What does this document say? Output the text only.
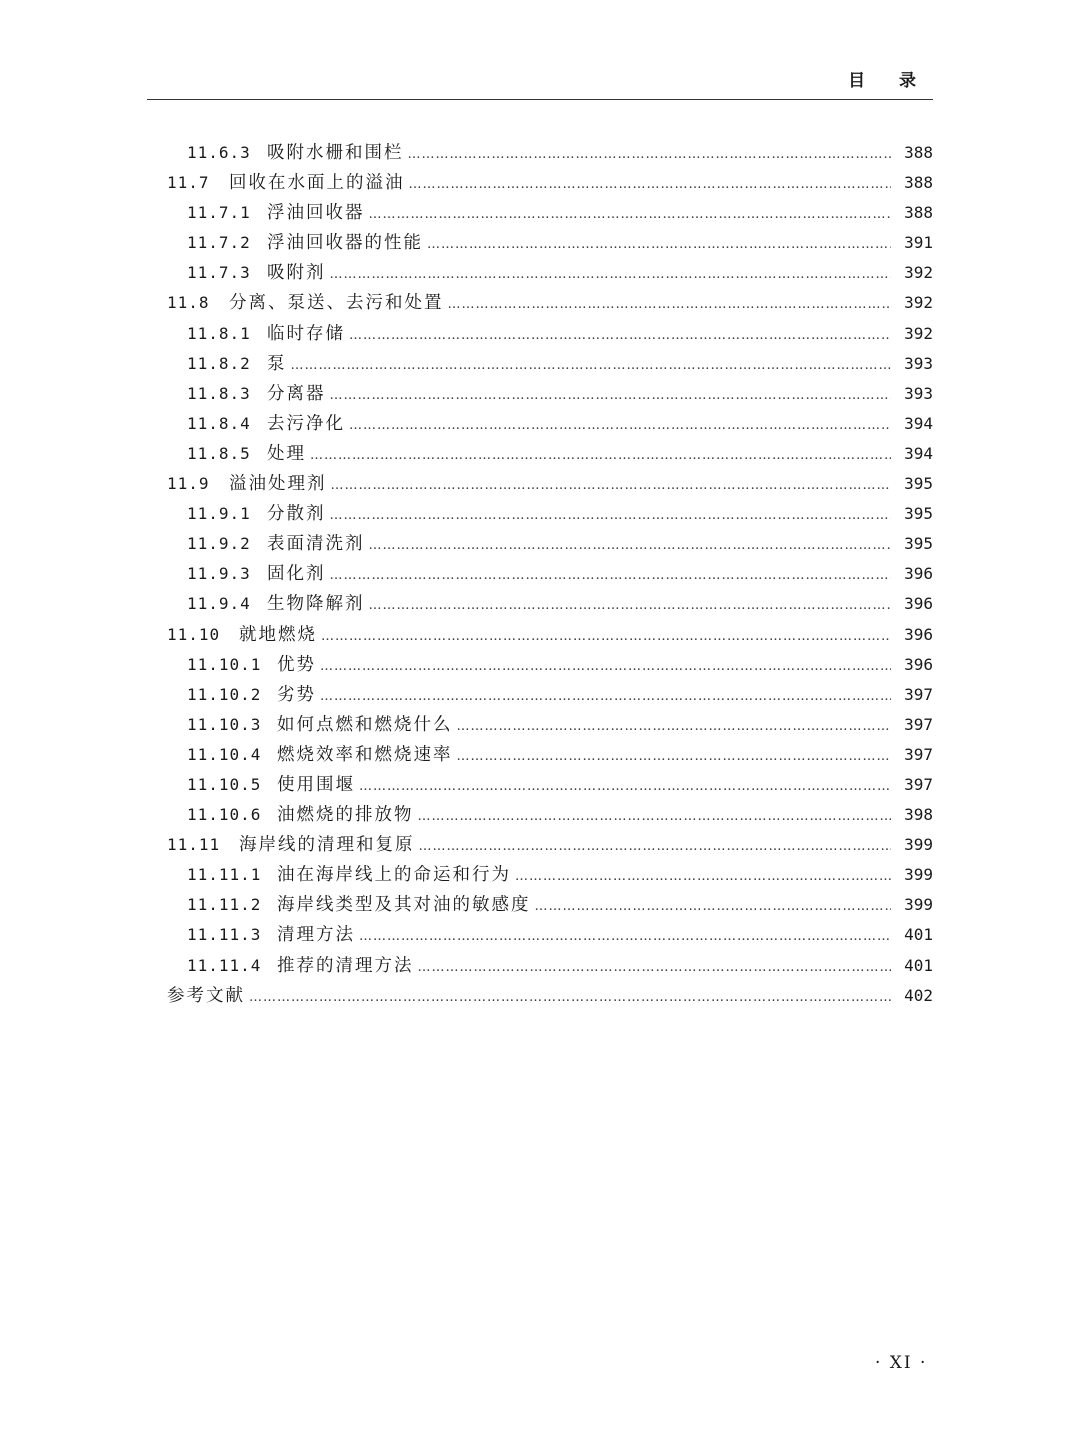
目 录
11.6.3 吸附水栅和围栏 ……………………………………………………………………………………………………………………………………………………………………………………………………………………	388
11.7	回收在水面上的溢油 ……………………………………………………………………………………………………………………………………………………………………………………………………………………	388
11.7.1 浮油回收器 ……………………………………………………………………………………………………………………………………………………………………………………………………………………	388
11.7.2 浮油回收器的性能 ……………………………………………………………………………………………………………………………………………………………………………………………………………………	391
11.7.3 吸附剂 ……………………………………………………………………………………………………………………………………………………………………………………………………………………	392
11.8	分离、泵送、去污和处置 ……………………………………………………………………………………………………………………………………………………………………………………………………………………	392
11.8.1 临时存储 ……………………………………………………………………………………………………………………………………………………………………………………………………………………	392
11.8.2 泵 ……………………………………………………………………………………………………………………………………………………………………………………………………………………	393
11.8.3 分离器 ……………………………………………………………………………………………………………………………………………………………………………………………………………………	393
11.8.4 去污净化 ……………………………………………………………………………………………………………………………………………………………………………………………………………………	394
11.8.5 处理 ……………………………………………………………………………………………………………………………………………………………………………………………………………………	394
11.9	溢油处理剂 ……………………………………………………………………………………………………………………………………………………………………………………………………………………	395
11.9.1 分散剂 ……………………………………………………………………………………………………………………………………………………………………………………………………………………	395
11.9.2 表面清洗剂 ……………………………………………………………………………………………………………………………………………………………………………………………………………………	395
11.9.3 固化剂 ……………………………………………………………………………………………………………………………………………………………………………………………………………………	396
11.9.4 生物降解剂 ……………………………………………………………………………………………………………………………………………………………………………………………………………………	396
11.10	就地燃烧 ……………………………………………………………………………………………………………………………………………………………………………………………………………………	396
11.10.1 优势 ……………………………………………………………………………………………………………………………………………………………………………………………………………………	396
11.10.2 劣势 ……………………………………………………………………………………………………………………………………………………………………………………………………………………	397
11.10.3 如何点燃和燃烧什么 ……………………………………………………………………………………………………………………………………………………………………………………………………………………	397
11.10.4 燃烧效率和燃烧速率 ……………………………………………………………………………………………………………………………………………………………………………………………………………………	397
11.10.5 使用围堰 ……………………………………………………………………………………………………………………………………………………………………………………………………………………	397
11.10.6 油燃烧的排放物 ……………………………………………………………………………………………………………………………………………………………………………………………………………………	398
11.11	海岸线的清理和复原 ……………………………………………………………………………………………………………………………………………………………………………………………………………………	399
11.11.1 油在海岸线上的命运和行为 ……………………………………………………………………………………………………………………………………………………………………………………………………………………	399
11.11.2 海岸线类型及其对油的敏感度 ……………………………………………………………………………………………………………………………………………………………………………………………………………………	399
11.11.3 清理方法 ……………………………………………………………………………………………………………………………………………………………………………………………………………………	401
11.11.4 推荐的清理方法 ……………………………………………………………………………………………………………………………………………………………………………………………………………………	401
参考文献 ……………………………………………………………………………………………………………………………………………………………………………………………………………………	402
· XI ·
